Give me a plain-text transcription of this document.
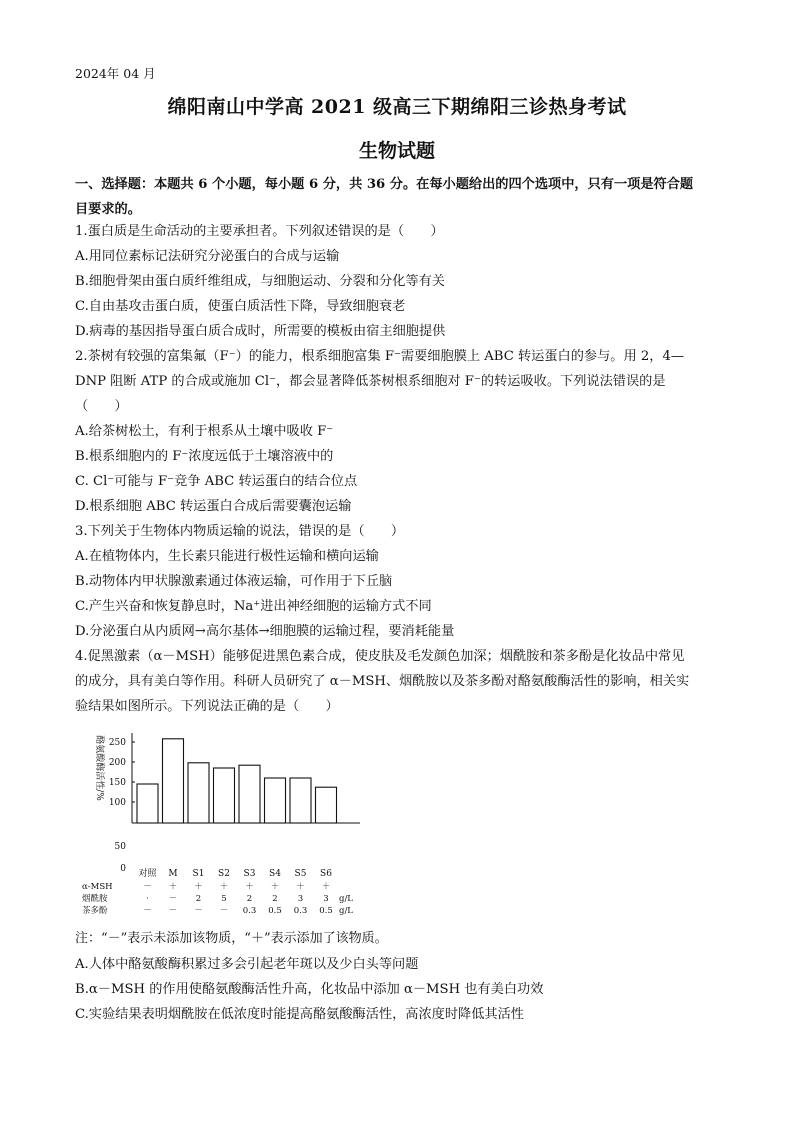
2024年 04 月
绵阳南山中学高 2021 级高三下期绵阳三诊热身考试
生物试题
一、选择题：本题共 6 个小题，每小题 6 分，共 36 分。在每小题给出的四个选项中，只有一项是符合题
目要求的。
1.蛋白质是生命活动的主要承担者。下列叙述错误的是（　　）
A.用同位素标记法研究分泌蛋白的合成与运输
B.细胞骨架由蛋白质纤维组成，与细胞运动、分裂和分化等有关
C.自由基攻击蛋白质，使蛋白质活性下降，导致细胞衰老
D.病毒的基因指导蛋白质合成时，所需要的模板由宿主细胞提供
2.茶树有较强的富集氟（F⁻）的能力，根系细胞富集 F⁻需要细胞膜上 ABC 转运蛋白的参与。用 2，4—
DNP 阻断 ATP 的合成或施加 Cl⁻，都会显著降低茶树根系细胞对 F⁻的转运吸收。下列说法错误的是
（　　）
A.给茶树松土，有利于根系从土壤中吸收 F⁻
B.根系细胞内的 F⁻浓度远低于土壤溶液中的
C. Cl⁻可能与 F⁻竞争 ABC 转运蛋白的结合位点
D.根系细胞 ABC 转运蛋白合成后需要囊泡运输
3.下列关于生物体内物质运输的说法，错误的是（　　）
A.在植物体内，生长素只能进行极性运输和横向运输
B.动物体内甲状腺激素通过体液运输，可作用于下丘脑
C.产生兴奋和恢复静息时，Na⁺进出神经细胞的运输方式不同
D.分泌蛋白从内质网→高尔基体→细胞膜的运输过程，要消耗能量
4.促黑激素（α－MSH）能够促进黑色素合成，使皮肤及毛发颜色加深；烟酰胺和茶多酚是化妆品中常见
的成分，具有美白等作用。科研人员研究了 α－MSH、烟酰胺以及茶多酚对酪氨酸酶活性的影响，相关实
验结果如图所示。下列说法正确的是（　　）
酪氨酸酶活性/%
0
50
100
150
200
250
对照 M S1 S2 S3 S4 S5 S6
α-MSH	－ ＋ ＋ ＋ ＋ ＋ ＋ ＋
烟酰胺	· － 2 5 2 2 3 3 g/L
茶多酚	－ － － － 0.3 0.5 0.3 0.5 g/L
注：“－”表示未添加该物质，“＋”表示添加了该物质。
A.人体中酪氨酸酶积累过多会引起老年斑以及少白头等问题
B.α－MSH 的作用使酪氨酸酶活性升高，化妆品中添加 α－MSH 也有美白功效
C.实验结果表明烟酰胺在低浓度时能提高酪氨酸酶活性，高浓度时降低其活性
